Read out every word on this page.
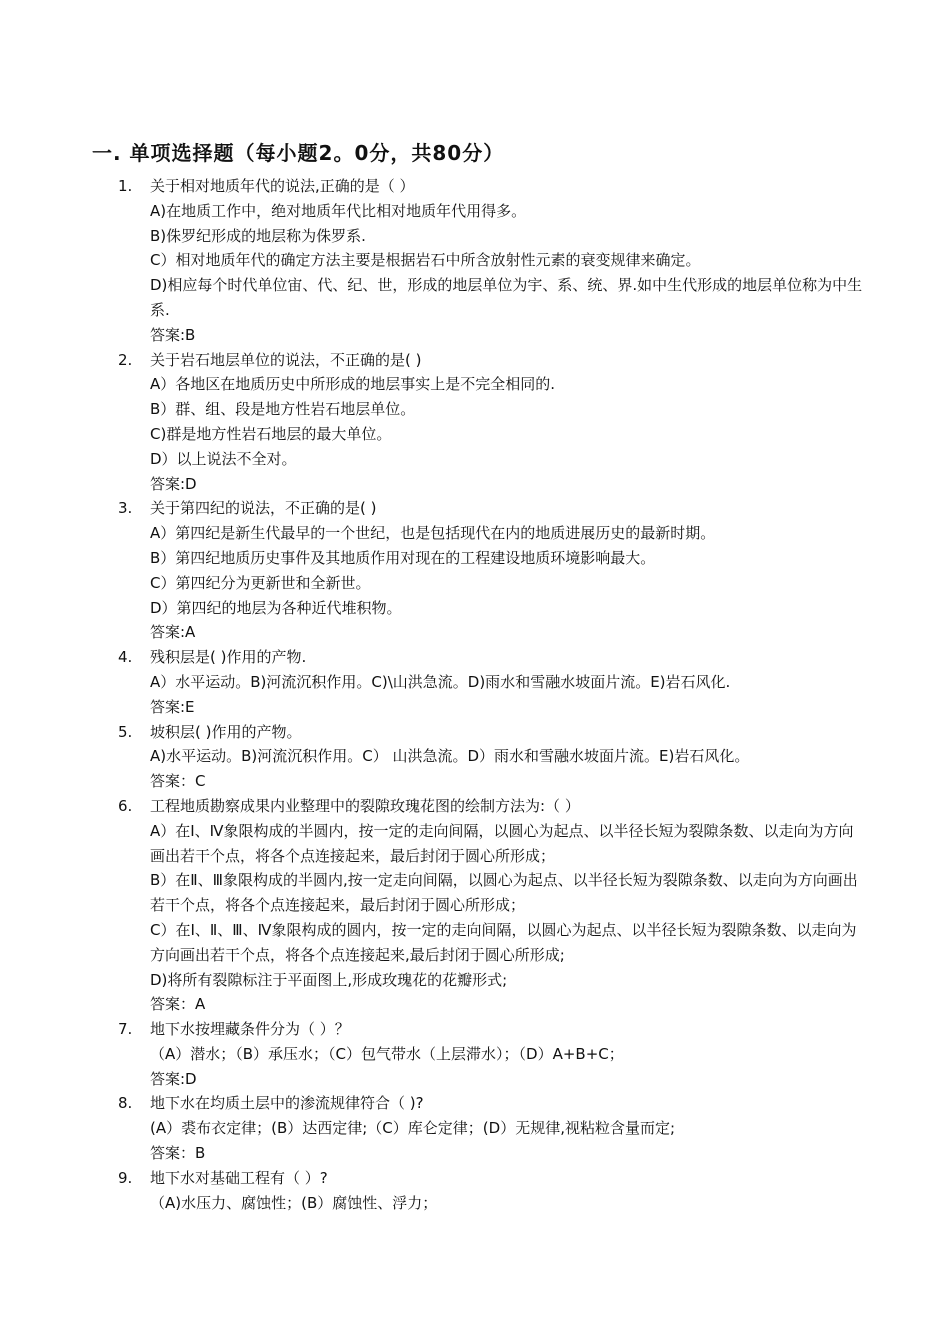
一. 单项选择题（每小题2。0分，共80分）
1.	关于相对地质年代的说法,正确的是（ ）
A)在地质工作中，绝对地质年代比相对地质年代用得多。
B)侏罗纪形成的地层称为侏罗系.
C）相对地质年代的确定方法主要是根据岩石中所含放射性元素的衰变规律来确定。
D)相应每个时代单位宙、代、纪、世，形成的地层单位为宇、系、统、界.如中生代形成的地层单位称为中生系.
答案:B
2.	关于岩石地层单位的说法，不正确的是( )
A）各地区在地质历史中所形成的地层事实上是不完全相同的.
B）群、组、段是地方性岩石地层单位。
C)群是地方性岩石地层的最大单位。
D）以上说法不全对。
答案:D
3.	关于第四纪的说法，不正确的是( )
A）第四纪是新生代最早的一个世纪，也是包括现代在内的地质进展历史的最新时期。
B）第四纪地质历史事件及其地质作用对现在的工程建设地质环境影响最大。
C）第四纪分为更新世和全新世。
D）第四纪的地层为各种近代堆积物。
答案:A
4.	残积层是( )作用的产物.
A）水平运动。B)河流沉积作用。C)\山洪急流。D)雨水和雪融水坡面片流。E)岩石风化.
答案:E
5.	坡积层( )作用的产物。
A)水平运动。B)河流沉积作用。C） 山洪急流。D）雨水和雪融水坡面片流。E)岩石风化。
答案：C
6.	工程地质勘察成果内业整理中的裂隙玫瑰花图的绘制方法为:（ ）
A）在Ⅰ、Ⅳ象限构成的半圆内，按一定的走向间隔，以圆心为起点、以半径长短为裂隙条数、以走向为方向画出若干个点，将各个点连接起来，最后封闭于圆心所形成；
B）在Ⅱ、Ⅲ象限构成的半圆内,按一定走向间隔，以圆心为起点、以半径长短为裂隙条数、以走向为方向画出若干个点，将各个点连接起来，最后封闭于圆心所形成；
C）在Ⅰ、Ⅱ、Ⅲ、Ⅳ象限构成的圆内，按一定的走向间隔，以圆心为起点、以半径长短为裂隙条数、以走向为方向画出若干个点，将各个点连接起来,最后封闭于圆心所形成;
D)将所有裂隙标注于平面图上,形成玫瑰花的花瓣形式;
答案：A
7.	地下水按埋藏条件分为（ ）？
（A）潜水；（B）承压水；（C）包气带水（上层滞水）；（D）A+B+C；
答案:D
8.	地下水在均质土层中的渗流规律符合（ )?
(A）裘布衣定律；(B）达西定律;（C）库仑定律；(D）无规律,视粘粒含量而定;
答案：B
9.	地下水对基础工程有（ ）?
（A)水压力、腐蚀性；(B）腐蚀性、浮力；
